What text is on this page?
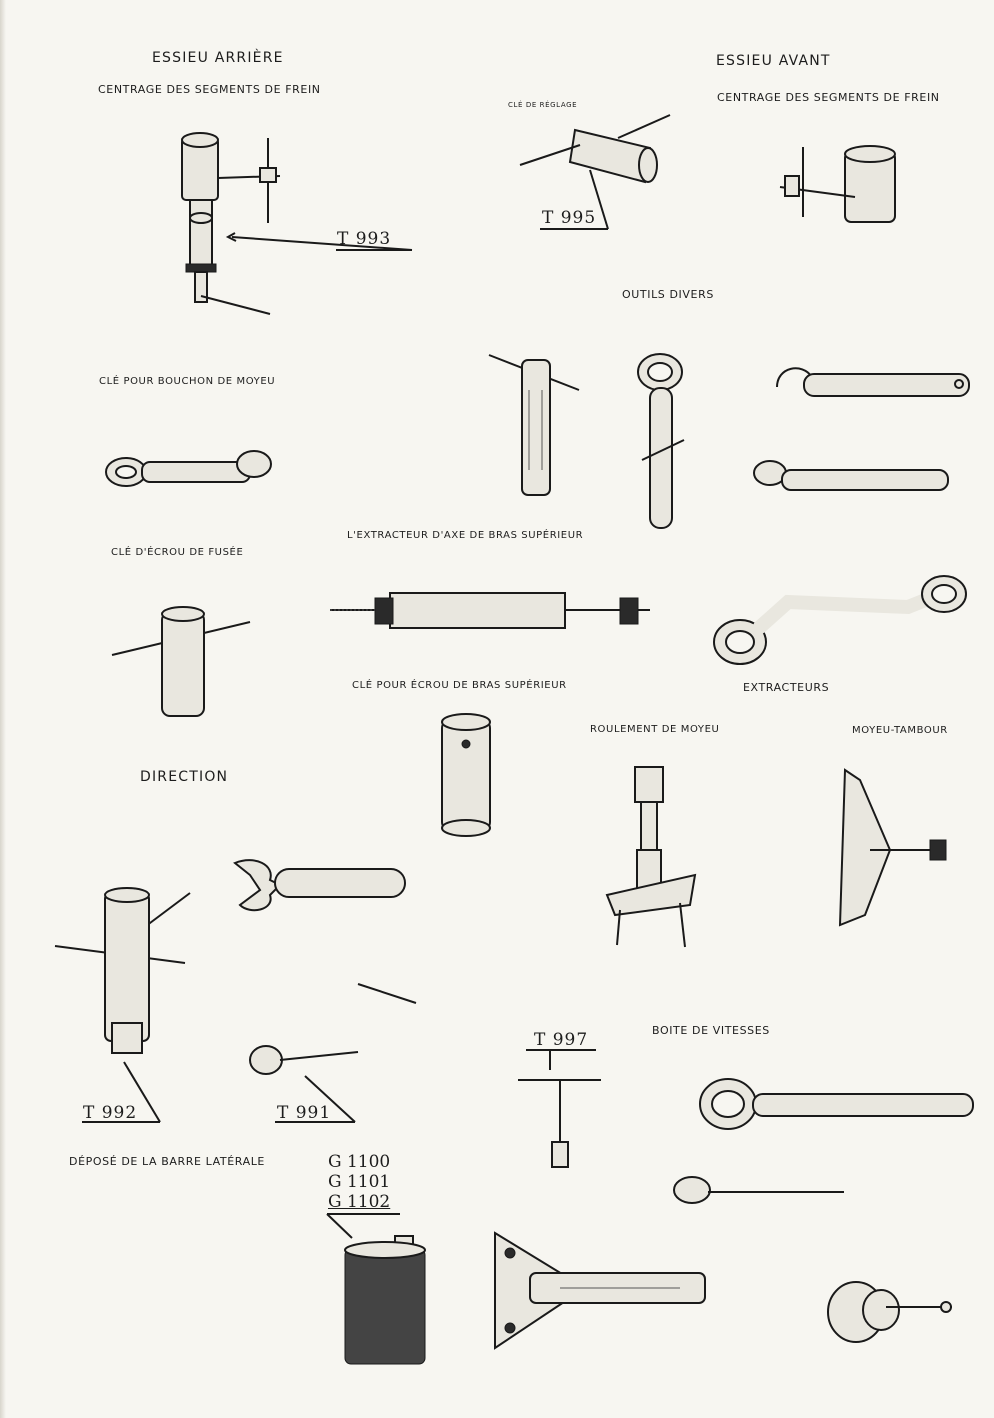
ESSIEU ARRIÈRE	ESSIEU AVANT
OUTILS DIVERS
DIRECTION
BOITE DE VITESSES
CENTRAGE DES SEGMENTS DE FREIN
CENTRAGE DES SEGMENTS DE FREIN
CLÉ DE RÉGLAGE
CLÉ POUR BOUCHON DE MOYEU
CLÉ D'ÉCROU DE FUSÉE
L'EXTRACTEUR D'AXE DE BRAS SUPÉRIEUR
CLÉ POUR ÉCROU DE BRAS SUPÉRIEUR	EXTRACTEURS
ROULEMENT DE MOYEU	MOYEU-TAMBOUR
DÉPOSÉ DE LA BARRE LATÉRALE
T 993
T 995
T 992	T 991
T 997
G 1100
G 1101
G 1102
